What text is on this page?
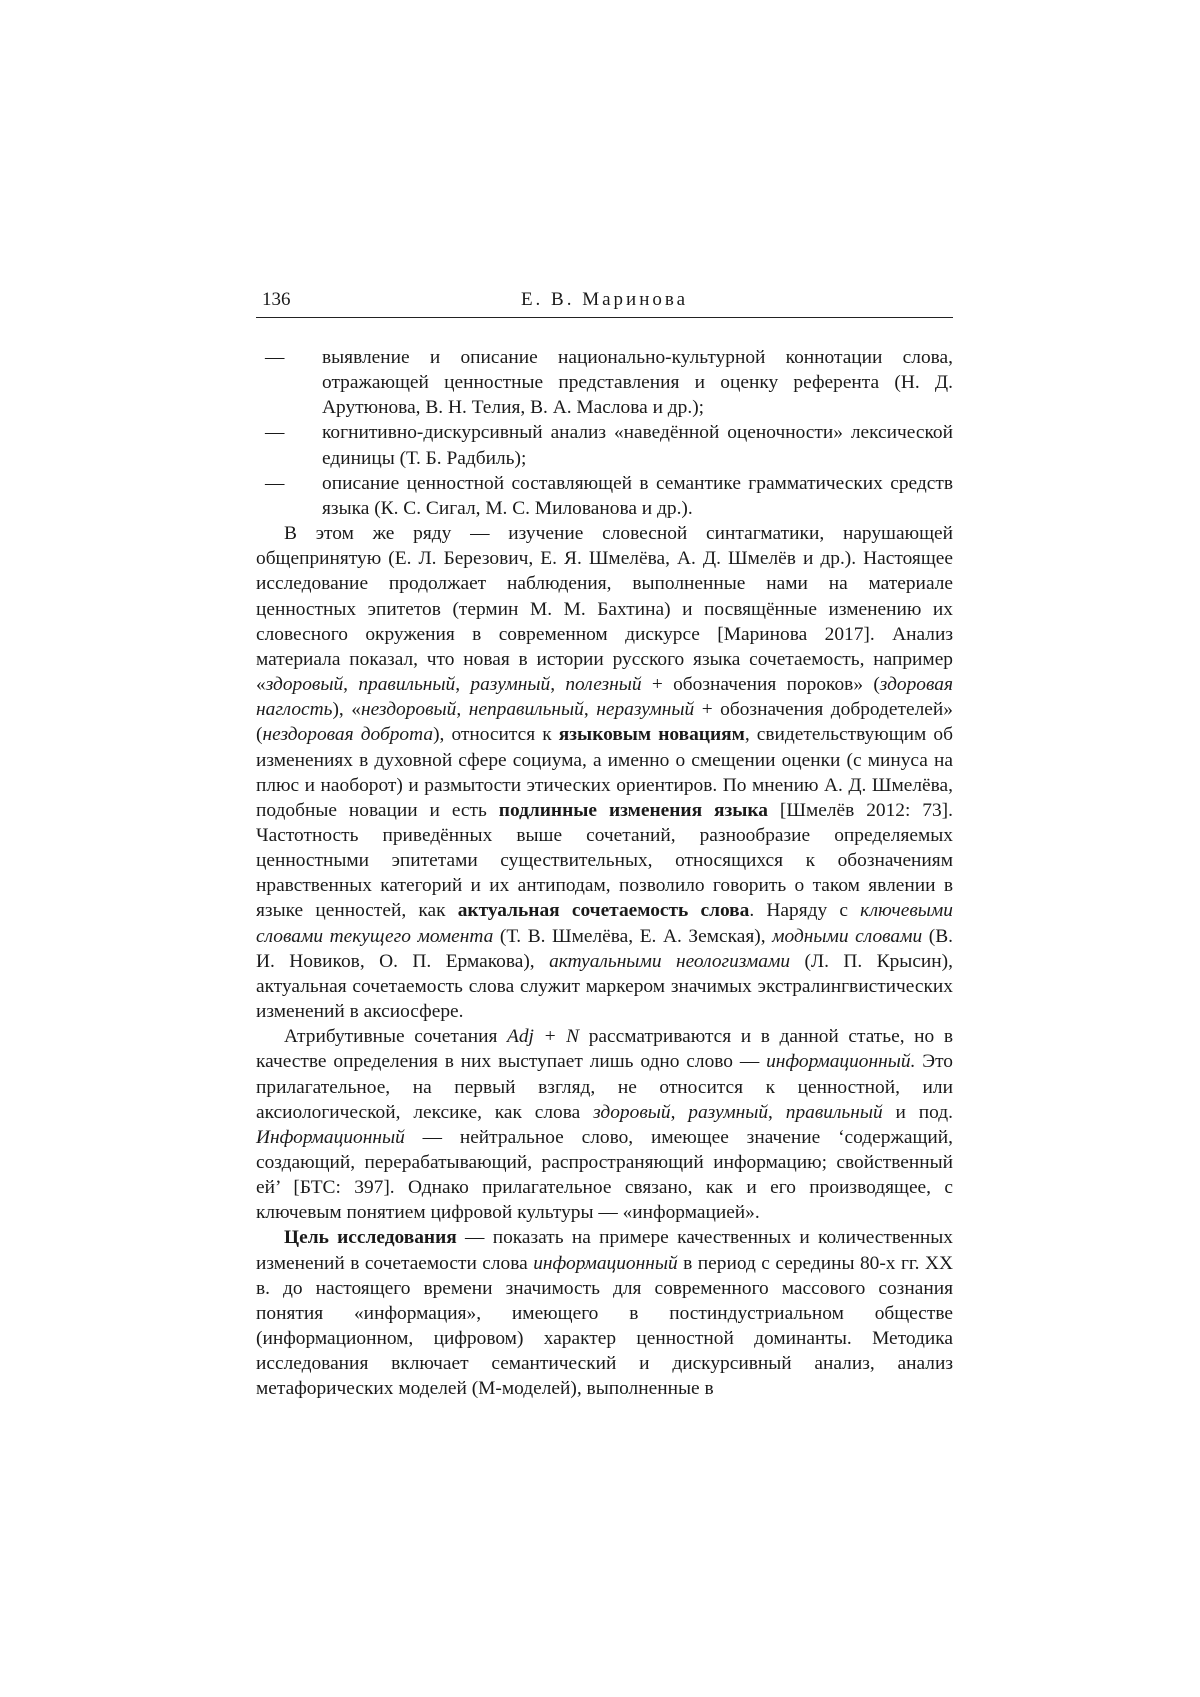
136	Е. В. Маринова
— выявление и описание национально-культурной коннотации слова, отражающей ценностные представления и оценку референта (Н. Д. Арутюнова, В. Н. Телия, В. А. Маслова и др.);
— когнитивно-дискурсивный анализ «наведённой оценочности» лексической единицы (Т. Б. Радбиль);
— описание ценностной составляющей в семантике грамматических средств языка (К. С. Сигал, М. С. Милованова и др.).

В этом же ряду — изучение словесной синтагматики, нарушающей общепринятую (Е. Л. Березович, Е. Я. Шмелёва, А. Д. Шмелёв и др.). Настоящее исследование продолжает наблюдения, выполненные нами на материале ценностных эпитетов (термин М. М. Бахтина) и посвящённые изменению их словесного окружения в современном дискурсе [Маринова 2017]. Анализ материала показал, что новая в истории русского языка сочетаемость, например «здоровый, правильный, разумный, полезный + обозначения пороков» (здоровая наглость), «нездоровый, неправильный, неразумный + обозначения добродетелей» (нездоровая доброта), относится к языковым новациям, свидетельствующим об изменениях в духовной сфере социума, а именно о смещении оценки (с минуса на плюс и наоборот) и размытости этических ориентиров. По мнению А. Д. Шмелёва, подобные новации и есть подлинные изменения языка [Шмелёв 2012: 73]. Частотность приведённых выше сочетаний, разнообразие определяемых ценностными эпитетами существительных, относящихся к обозначениям нравственных категорий и их антиподам, позволило говорить о таком явлении в языке ценностей, как актуальная сочетаемость слова. Наряду с ключевыми словами текущего момента (Т. В. Шмелёва, Е. А. Земская), модными словами (В. И. Новиков, О. П. Ермакова), актуальными неологизмами (Л. П. Крысин), актуальная сочетаемость слова служит маркером значимых экстралингвистических изменений в аксиосфере.

Атрибутивные сочетания Adj + N рассматриваются и в данной статье, но в качестве определения в них выступает лишь одно слово — информационный. Это прилагательное, на первый взгляд, не относится к ценностной, или аксиологической, лексике, как слова здоровый, разумный, правильный и под. Информационный — нейтральное слово, имеющее значение ‘содержащий, создающий, перерабатывающий, распространяющий информацию; свойственный ей’ [БТС: 397]. Однако прилагательное связано, как и его производящее, с ключевым понятием цифровой культуры — «информацией».

Цель исследования — показать на примере качественных и количественных изменений в сочетаемости слова информационный в период с середины 80-х гг. XX в. до настоящего времени значимость для современного массового сознания понятия «информация», имеющего в постиндустриальном обществе (информационном, цифровом) характер ценностной доминанты. Методика исследования включает семантический и дискурсивный анализ, анализ метафорических моделей (М-моделей), выполненные в
